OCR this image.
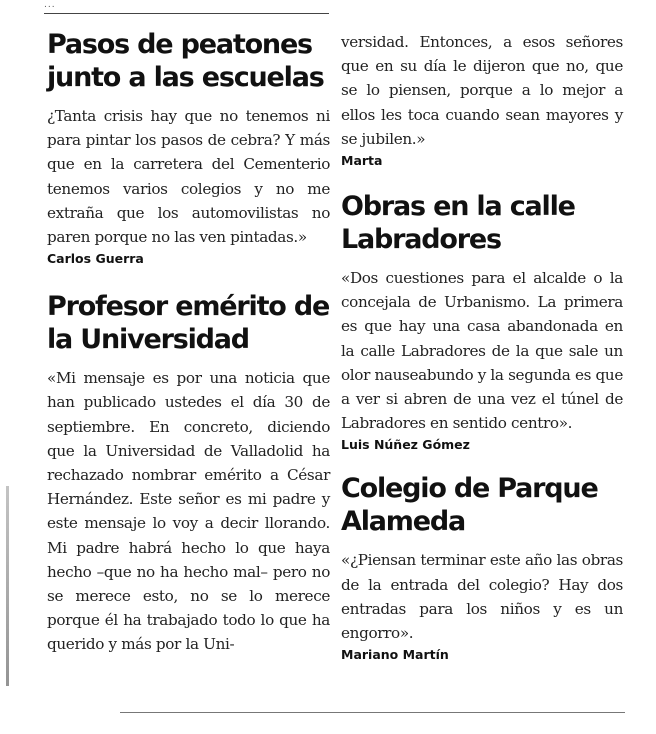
...
Pasos de peatones junto a las escuelas

¿Tanta crisis hay que no tenemos ni para pintar los pasos de cebra? Y más que en la carretera del Cementerio tenemos varios colegios y no me extraña que los automovilistas no paren porque no las ven pintadas.»

Carlos Guerra
Profesor emérito de la Universidad

«Mi mensaje es por una noticia que han publicado ustedes el día 30 de septiembre. En concreto, diciendo que la Universidad de Valladolid ha rechazado nombrar emérito a César Hernández. Este señor es mi padre y este mensaje lo voy a decir llorando. Mi padre habrá hecho lo que haya hecho –que no ha hecho mal– pero no se merece esto, no se lo merece porque él ha trabajado todo lo que ha querido y más por la Uni-

versidad. Entonces, a esos señores que en su día le dijeron que no, que se lo piensen, porque a lo mejor a ellos les toca cuando sean mayores y se jubilen.»

Marta
Obras en la calle Labradores

«Dos cuestiones para el alcalde o la concejala de Urbanismo. La primera es que hay una casa abandonada en la calle Labradores de la que sale un olor nauseabundo y la segunda es que a ver si abren de una vez el túnel de Labradores en sentido centro».

Luis Núñez Gómez
Colegio de Parque Alameda

«¿Piensan terminar este año las obras de la entrada del colegio? Hay dos entradas para los niños y es un engorro».

Mariano Martín
